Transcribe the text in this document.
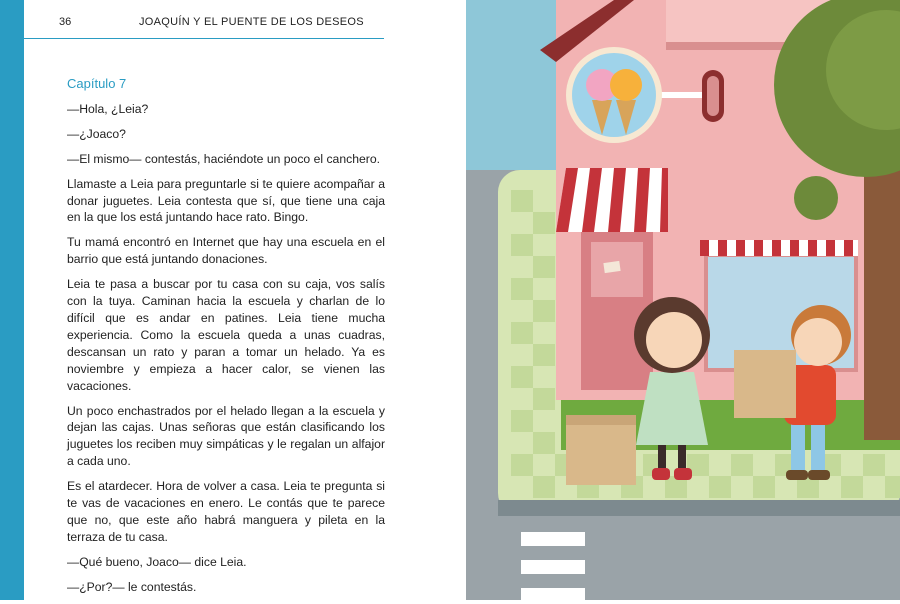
36	JOAQUÍN Y EL PUENTE DE LOS DESEOS
Capítulo 7

—Hola, ¿Leia?

—¿Joaco?

—El mismo— contestás, haciéndote un poco el canchero.

Llamaste a Leia para preguntarle si te quiere acompañar a donar juguetes. Leia contesta que sí, que tiene una caja en la que los está juntando hace rato. Bingo.

Tu mamá encontró en Internet que hay una escuela en el barrio que está juntando donaciones.

Leia te pasa a buscar por tu casa con su caja, vos salís con la tuya. Caminan hacia la escuela y charlan de lo difícil que es andar en patines. Leia tiene mucha experiencia. Como la escuela queda a unas cuadras, descansan un rato y paran a tomar un helado. Ya es noviembre y empieza a hacer calor, se vienen las vacaciones.

Un poco enchastrados por el helado llegan a la escuela y dejan las cajas. Unas señoras que están clasificando los juguetes los reciben muy simpáticas y le regalan un alfajor a cada uno.

Es el atardecer. Hora de volver a casa. Leia te pregunta si te vas de vacaciones en enero. Le contás que te parece que no, que este año habrá manguera y pileta en la terraza de tu casa.

—Qué bueno, Joaco— dice Leia.

—¿Por?— le contestás.
